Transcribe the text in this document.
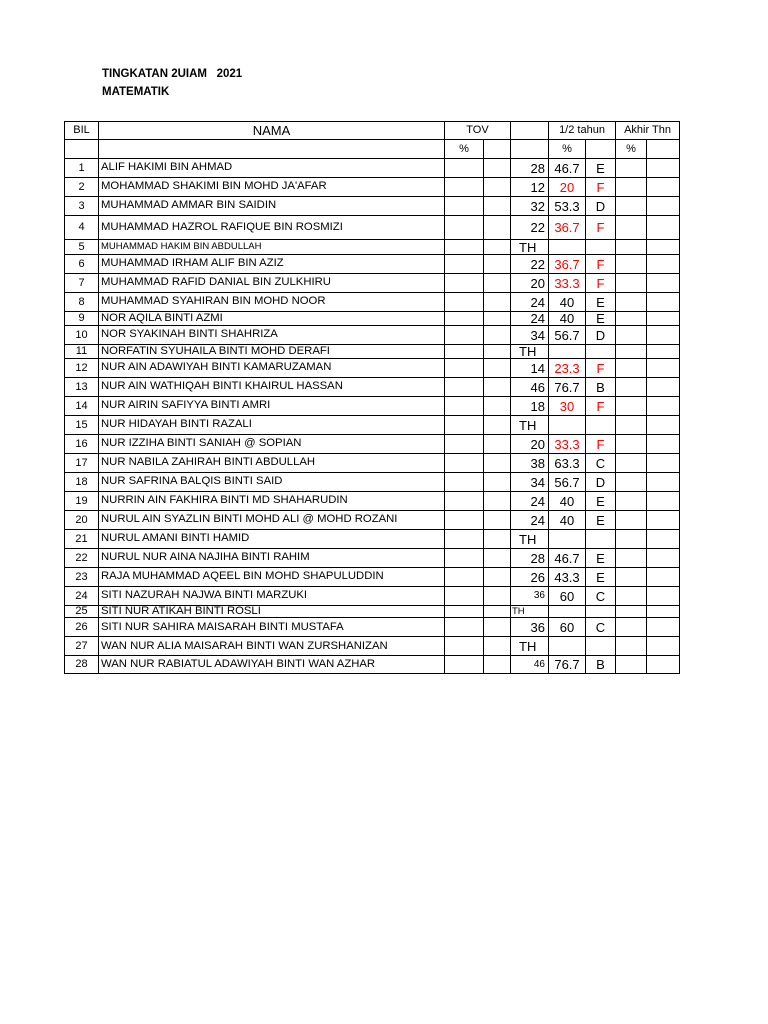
TINGKATAN 2UIAM   2021
MATEMATIK
BIL	NAMA	TOV			1/2 tahun		Akhir Thn	
		%			%		%	
1	ALIF HAKIMI BIN AHMAD			28	46.7	E		
2	MOHAMMAD SHAKIMI BIN MOHD JA'AFAR			12	20	F		
3	MUHAMMAD AMMAR BIN SAIDIN			32	53.3	D		
4	MUHAMMAD HAZROL RAFIQUE BIN ROSMIZI			22	36.7	F		
5	MUHAMMAD HAKIM BIN ABDULLAH			TH				
6	MUHAMMAD IRHAM ALIF BIN AZIZ			22	36.7	F		
7	MUHAMMAD RAFID DANIAL BIN ZULKHIRU			20	33.3	F		
8	MUHAMMAD SYAHIRAN BIN MOHD NOOR			24	40	E		
9	NOR AQILA BINTI AZMI			24	40	E		
10	NOR SYAKINAH BINTI SHAHRIZA			34	56.7	D		
11	NORFATIN SYUHAILA BINTI MOHD DERAFI			TH				
12	NUR AIN ADAWIYAH BINTI KAMARUZAMAN			14	23.3	F		
13	NUR AIN WATHIQAH BINTI KHAIRUL HASSAN			46	76.7	B		
14	NUR AIRIN SAFIYYA BINTI AMRI			18	30	F		
15	NUR HIDAYAH BINTI RAZALI			TH				
16	NUR IZZIHA BINTI SANIAH @ SOPIAN			20	33.3	F		
17	NUR NABILA ZAHIRAH BINTI ABDULLAH			38	63.3	C		
18	NUR SAFRINA BALQIS BINTI SAID			34	56.7	D		
19	NURRIN AIN FAKHIRA BINTI MD SHAHARUDIN			24	40	E		
20	NURUL AIN SYAZLIN BINTI MOHD ALI @ MOHD ROZANI			24	40	E		
21	NURUL AMANI BINTI HAMID			TH				
22	NURUL NUR AINA NAJIHA BINTI RAHIM			28	46.7	E		
23	RAJA MUHAMMAD AQEEL BIN MOHD SHAPULUDDIN			26	43.3	E		
24	SITI NAZURAH NAJWA BINTI MARZUKI			36	60	C		
25	SITI NUR ATIKAH BINTI ROSLI			TH				
26	SITI NUR SAHIRA MAISARAH BINTI MUSTAFA			36	60	C		
27	WAN NUR ALIA MAISARAH BINTI WAN ZURSHANIZAN			TH				
28	WAN NUR RABIATUL ADAWIYAH BINTI WAN AZHAR			46	76.7	B		
